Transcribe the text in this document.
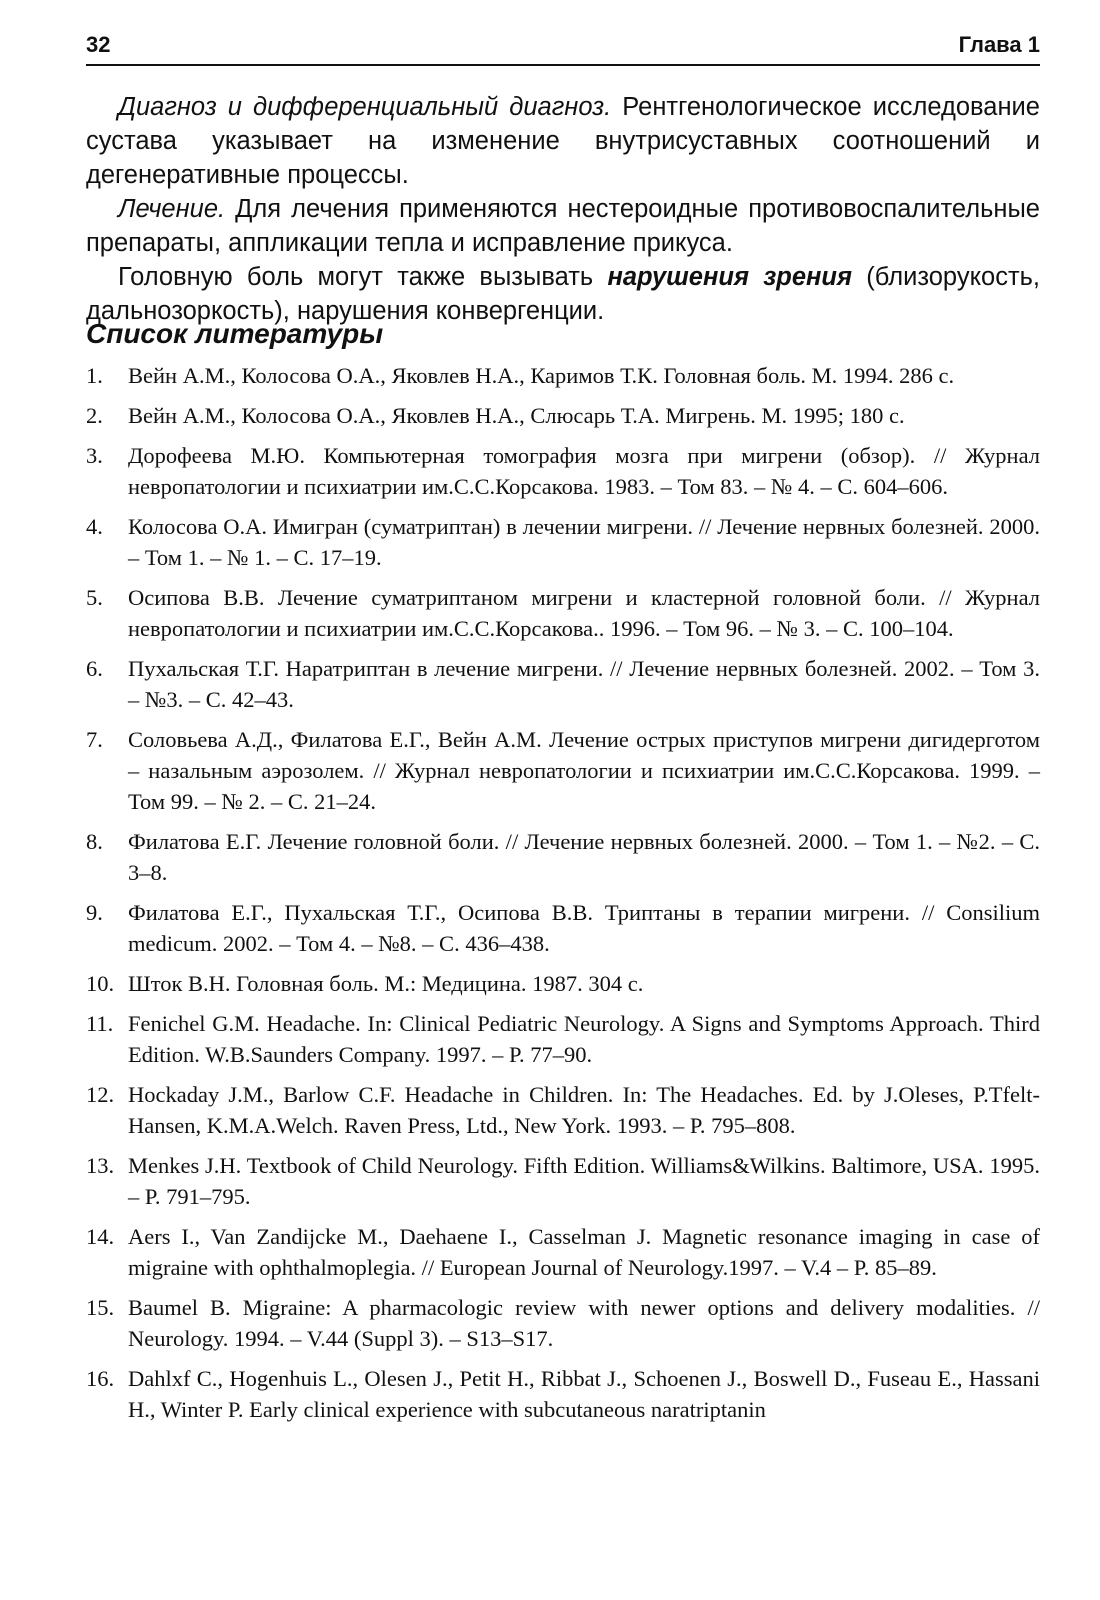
32	Глава 1

Диагноз и дифференциальный диагноз. Рентгенологическое исследование сустава указывает на изменение внутрисуставных соотношений и дегенеративные процессы.

Лечение. Для лечения применяются нестероидные противовоспалительные препараты, аппликации тепла и исправление прикуса.

Головную боль могут также вызывать нарушения зрения (близорукость, дальнозоркость), нарушения конвергенции.

Список литературы
1. Вейн А.М., Колосова О.А., Яковлев Н.А., Каримов Т.К. Головная боль. М. 1994. 286 с.
2. Вейн А.М., Колосова О.А., Яковлев Н.А., Слюсарь Т.А. Мигрень. М. 1995; 180 с.
3. Дорофеева М.Ю. Компьютерная томография мозга при мигрени (обзор). // Журнал невропатологии и психиатрии им.С.С.Корсакова. 1983. – Том 83. – № 4. – С. 604–606.
4. Колосова О.А. Имигран (суматриптан) в лечении мигрени. // Лечение нервных болезней. 2000. – Том 1. – № 1. – С. 17–19.
5. Осипова В.В. Лечение суматриптаном мигрени и кластерной головной боли. // Журнал невропатологии и психиатрии им.С.С.Корсакова.. 1996. – Том 96. – № 3. – С. 100–104.
6. Пухальская Т.Г. Наратриптан в лечение мигрени. // Лечение нервных болезней. 2002. – Том 3. – №3. – С. 42–43.
7. Соловьева А.Д., Филатова Е.Г., Вейн А.М. Лечение острых приступов мигрени дигидерготом – назальным аэрозолем. // Журнал невропатологии и психиатрии им.С.С.Корсакова. 1999. – Том 99. – № 2. – С. 21–24.
8. Филатова Е.Г. Лечение головной боли. // Лечение нервных болезней. 2000. – Том 1. – №2. – С. 3–8.
9. Филатова Е.Г., Пухальская Т.Г., Осипова В.В. Триптаны в терапии мигрени. // Consilium medicum. 2002. – Том 4. – №8. – С. 436–438.
10. Шток В.Н. Головная боль. М.: Медицина. 1987. 304 с.
11. Fenichel G.M. Headache. In: Clinical Pediatric Neurology. A Signs and Symptoms Approach. Third Edition. W.B.Saunders Company. 1997. – P. 77–90.
12. Hockaday J.M., Barlow C.F. Headache in Children. In: The Headaches. Ed. by J.Oleses, P.Tfelt-Hansen, K.M.A.Welch. Raven Press, Ltd., New York. 1993. – P. 795–808.
13. Menkes J.H. Textbook of Child Neurology. Fifth Edition. Williams&Wilkins. Baltimore, USA. 1995. – P. 791–795.
14. Aers I., Van Zandijcke M., Daehaene I., Casselman J. Magnetic resonance imaging in case of migraine with ophthalmoplegia. // European Journal of Neurology.1997. – V.4 – P. 85–89.
15. Baumel B. Migraine: A pharmacologic review with newer options and delivery modalities. // Neurology. 1994. – V.44 (Suppl 3). – S13–S17.
16. Dahlxf C., Hogenhuis L., Olesen J., Petit H., Ribbat J., Schoenen J., Boswell D., Fuseau E., Hassani H., Winter P. Early clinical experience with subcutaneous naratriptanin
